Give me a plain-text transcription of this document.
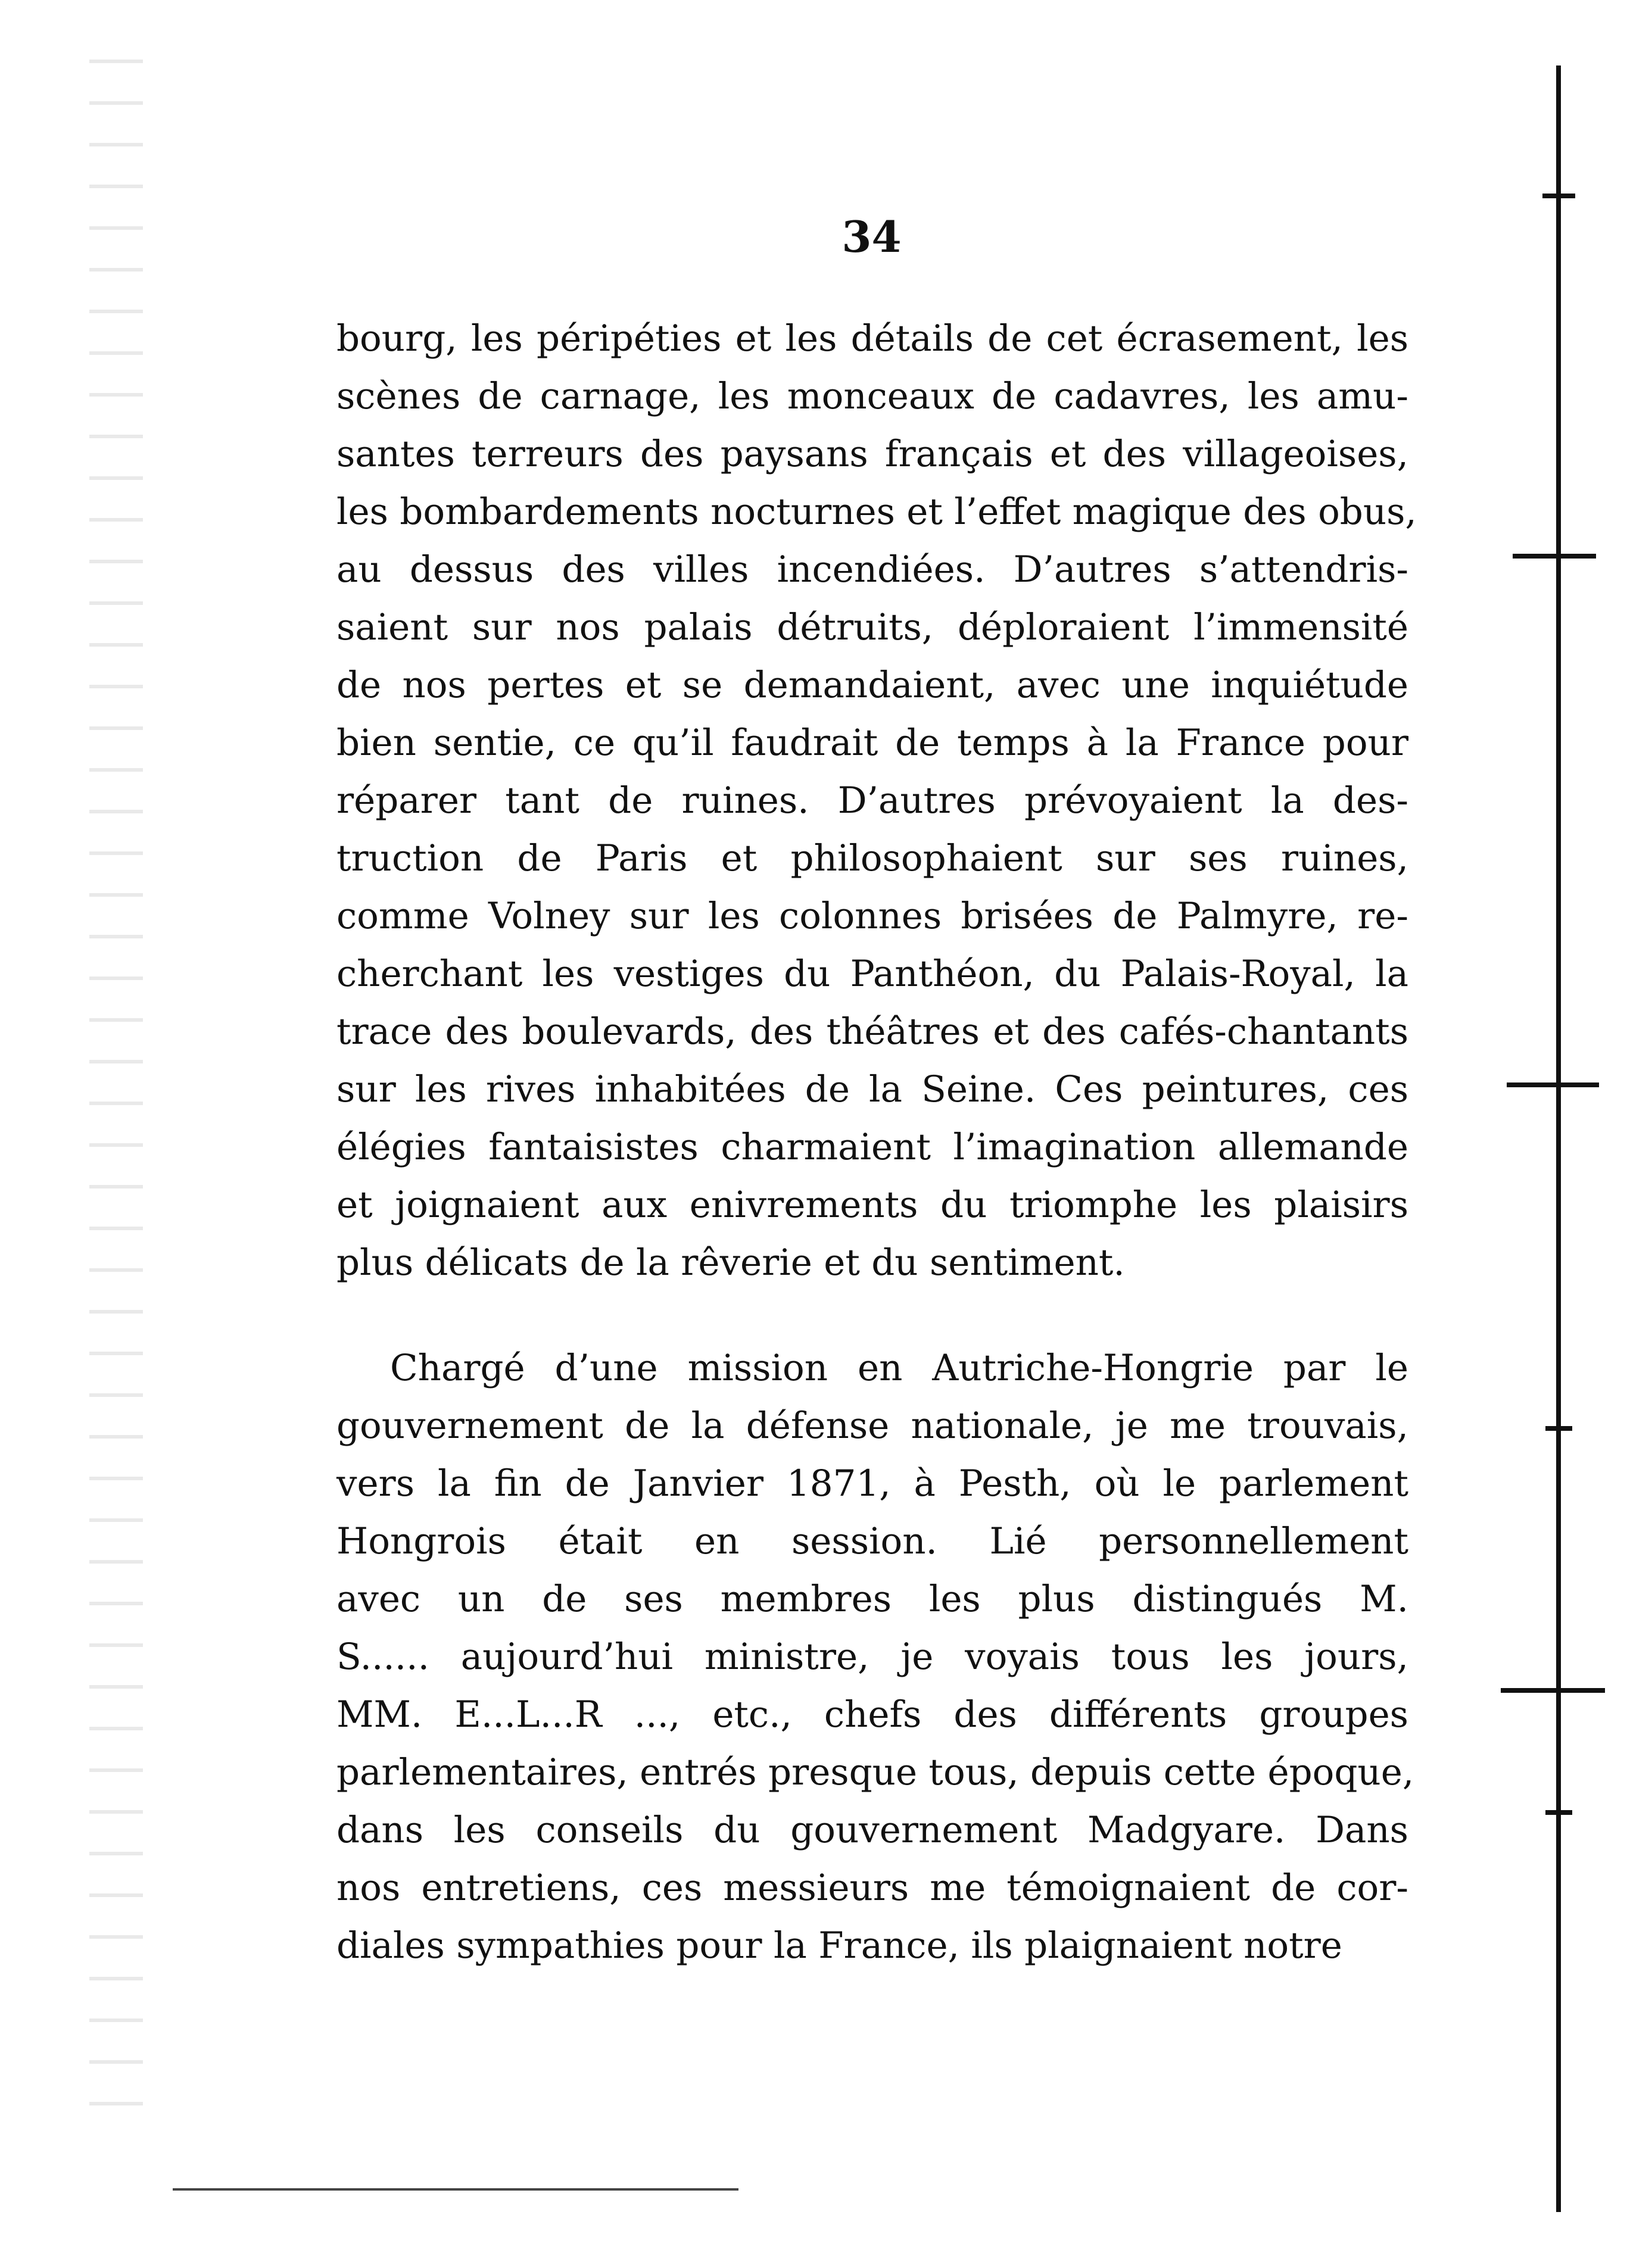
34
bourg, les péripéties et les détails de cet écrasement, les
scènes de carnage, les monceaux de cadavres, les amu-
santes terreurs des paysans français et des villageoises,
les bombardements nocturnes et l’effet magique des obus,
au dessus des villes incendiées. D’autres s’attendris-
saient sur nos palais détruits, déploraient l’immensité
de nos pertes et se demandaient, avec une inquiétude
bien sentie, ce qu’il faudrait de temps à la France pour
réparer tant de ruines. D’autres prévoyaient la des-
truction de Paris et philosophaient sur ses ruines,
comme Volney sur les colonnes brisées de Palmyre, re-
cherchant les vestiges du Panthéon, du Palais-Royal, la
trace des boulevards, des théâtres et des cafés-chantants
sur les rives inhabitées de la Seine. Ces peintures, ces
élégies fantaisistes charmaient l’imagination allemande
et joignaient aux enivrements du triomphe les plaisirs
plus délicats de la rêverie et du sentiment.
Chargé d’une mission en Autriche-Hongrie par le
gouvernement de la défense nationale, je me trouvais,
vers la fin de Janvier 1871, à Pesth, où le parlement
Hongrois était en session. Lié personnellement
avec un de ses membres les plus distingués M.
S...... aujourd’hui ministre, je voyais tous les jours,
MM. E...L...R ..., etc., chefs des différents groupes
parlementaires, entrés presque tous, depuis cette époque,
dans les conseils du gouvernement Madgyare. Dans
nos entretiens, ces messieurs me témoignaient de cor-
diales sympathies pour la France, ils plaignaient notre
